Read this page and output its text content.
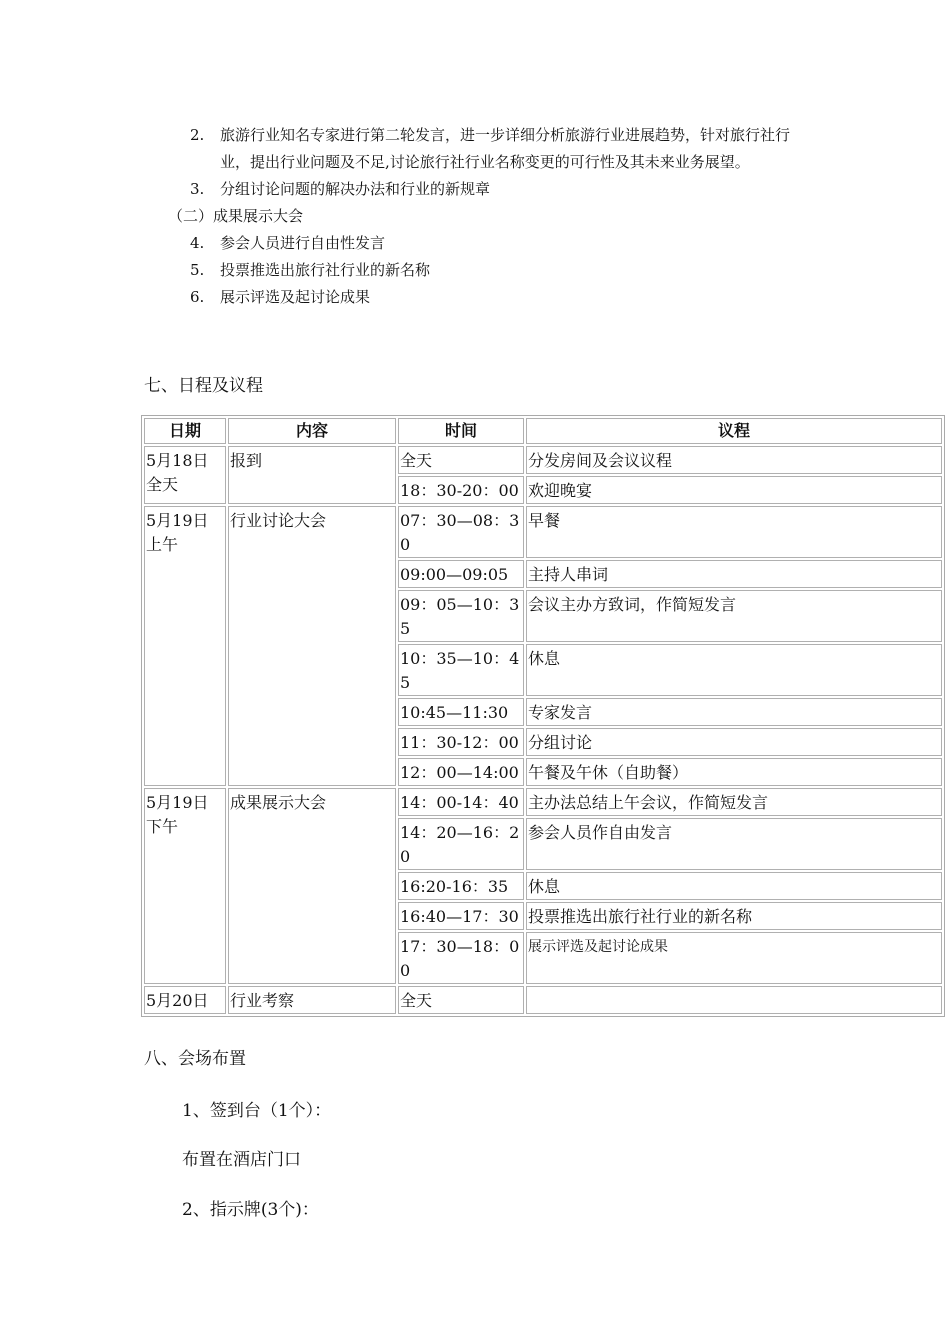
2. 旅游行业知名专家进行第二轮发言，进一步详细分析旅游行业进展趋势，针对旅行社行业，提出行业问题及不足,讨论旅行社行业名称变更的可行性及其未来业务展望。
3. 分组讨论问题的解决办法和行业的新规章
（二）成果展示大会
4. 参会人员进行自由性发言
5. 投票推选出旅行社行业的新名称
6. 展示评选及起讨论成果
七、日程及议程
日期	内容	时间	议程
5月18日全天	报到	全天	分发房间及会议议程
		18：30-20：00	欢迎晚宴
5月19日上午	行业讨论大会	07：30—08：30	早餐
		09:00—09:05	主持人串词
		09：05—10：35	会议主办方致词，作简短发言
		10：35—10：45	休息
		10:45—11:30	专家发言
		11：30-12：00	分组讨论
		12：00—14:00	午餐及午休（自助餐）
5月19日下午	成果展示大会	14：00-14：40	主办法总结上午会议，作简短发言
		14：20—16：20	参会人员作自由发言
		16:20-16：35	休息
		16:40—17：30	投票推选出旅行社行业的新名称
		17：30—18：00	展示评选及起讨论成果
5月20日	行业考察	全天	
八、会场布置
1、签到台（1个）：
布置在酒店门口
2、指示牌(3个)：
